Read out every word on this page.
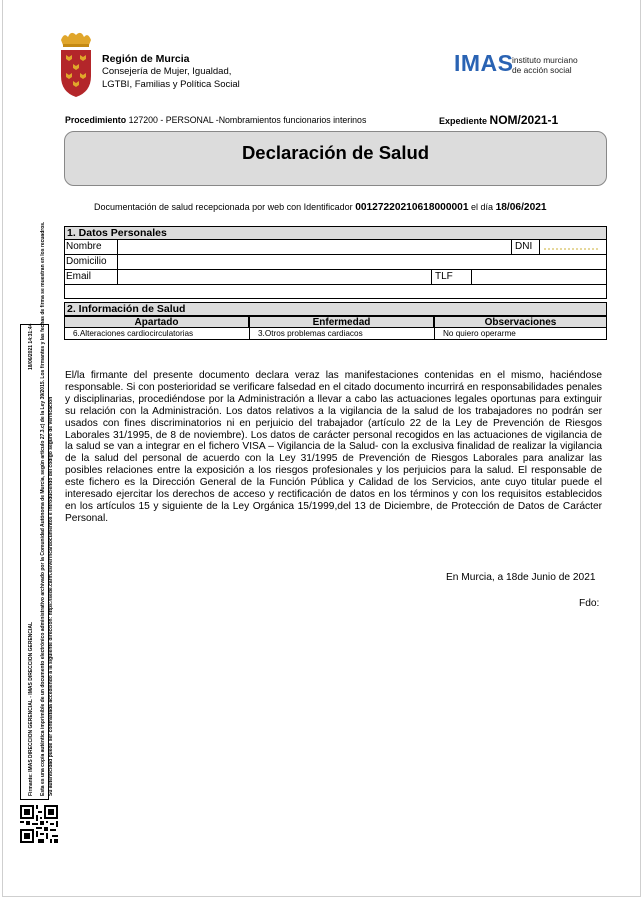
Región de Murcia
Consejería de Mujer, Igualdad,
LGTBI, Familias y Política Social
IMAS
instituto murciano
de acción social
Procedimiento 127200 - PERSONAL -Nombramientos funcionarios interinos	Expediente NOM/2021-1
Declaración de Salud
Documentación de salud recepcionada por web con Identificador 00127220210618000001 el día 18/06/2021
1. Datos Personales
Nombre	DNI
Domicilio
Email	TLF
2. Información de Salud
Apartado	Enfermedad	Observaciones
6.Alteraciones cardiocirculatorias	3.Otros problemas cardiacos	No quiero operarme
El/la firmante del presente documento declara veraz las manifestaciones contenidas en el mismo, haciéndose responsable. Si con posterioridad se verificare falsedad en el citado documento incurrirá en responsabilidades penales y disciplinarias, procediéndose por la Administración a llevar a cabo las actuaciones legales oportunas para extinguir su relación con la Administración. Los datos relativos a la vigilancia de la salud de los trabajadores no podrán ser usados con fines discriminatorios ni en perjuicio del trabajador (artículo 22 de la Ley de Prevención de Riesgos Laborales 31/1995, de 8 de noviembre). Los datos de carácter personal recogidos en las actuaciones de vigilancia de la salud se van a integrar en el fichero VISA – Vigilancia de la Salud- con la exclusiva finalidad de realizar la vigilancia de la salud del personal de acuerdo con la Ley 31/1995 de Prevención de Riesgos Laborales para analizar las posibles relaciones entre la exposición a los riesgos profesionales y los perjuicios para la salud. El responsable de este fichero es la Dirección General de la Función Pública y Calidad de los Servicios, ante cuyo titular puede el interesado ejercitar los derechos de acceso y rectificación de datos en los términos y con los requisitos establecidos en los artículos 15 y siguiente de la Ley Orgánica 15/1999,del 13 de Diciembre, de Protección de Datos de Carácter Personal.
En Murcia, a 18de Junio de 2021
Fdo:
Firmante: IMAS DIRECCION GERENCIAL - IMAS DIRECCION GERENCIAL
18/06/2021 14:31:44 Esta es una copia auténtica imprimible de un documento electrónico administrativo archivado por la Comunidad Autónoma de Murcia, según artículo 27.3.c) de la Ley 39/2015. Los firmantes y las fechas de firma se muestran en los recuadros. Su autenticidad puede ser contrastada accediendo a la siguiente dirección: https://sede.carm.es/verificardocumentos e introduciendo del código seguro de verificación
